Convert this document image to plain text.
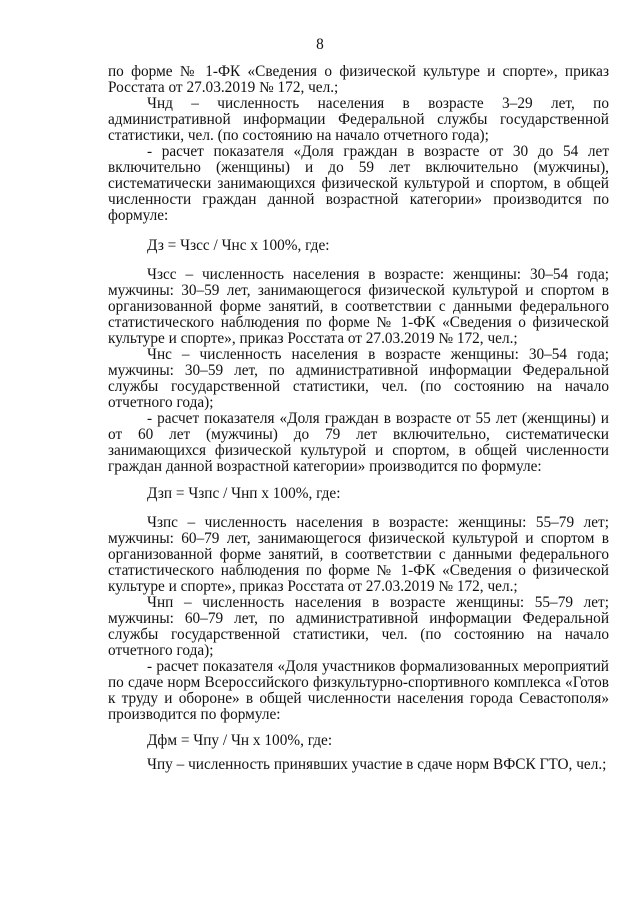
8

по форме № 1-ФК «Сведения о физической культуре и спорте», приказ Росстата от 27.03.2019 № 172, чел.;

Чнд – численность населения в возрасте 3–29 лет, по административной информации Федеральной службы государственной статистики, чел. (по состоянию на начало отчетного года);

- расчет показателя «Доля граждан в возрасте от 30 до 54 лет включительно (женщины) и до 59 лет включительно (мужчины), систематически занимающихся физической культурой и спортом, в общей численности граждан данной возрастной категории» производится по формуле:

Дз = Чзсс / Чнс х 100%, где:

Чзсс – численность населения в возрасте: женщины: 30–54 года; мужчины: 30–59 лет, занимающегося физической культурой и спортом в организованной форме занятий, в соответствии с данными федерального статистического наблюдения по форме № 1-ФК «Сведения о физической культуре и спорте», приказ Росстата от 27.03.2019 № 172, чел.;

Чнс – численность населения в возрасте женщины: 30–54 года; мужчины: 30–59 лет, по административной информации Федеральной службы государственной статистики, чел. (по состоянию на начало отчетного года);

- расчет показателя «Доля граждан в возрасте от 55 лет (женщины) и от 60 лет (мужчины) до 79 лет включительно, систематически занимающихся физической культурой и спортом, в общей численности граждан данной возрастной категории» производится по формуле:

Дзп = Чзпс / Чнп х 100%, где:

Чзпс – численность населения в возрасте: женщины: 55–79 лет; мужчины: 60–79 лет, занимающегося физической культурой и спортом в организованной форме занятий, в соответствии с данными федерального статистического наблюдения по форме № 1-ФК «Сведения о физической культуре и спорте», приказ Росстата от 27.03.2019 № 172, чел.;

Чнп – численность населения в возрасте женщины: 55–79 лет; мужчины: 60–79 лет, по административной информации Федеральной службы государственной статистики, чел. (по состоянию на начало отчетного года);

- расчет показателя «Доля участников формализованных мероприятий по сдаче норм Всероссийского физкультурно-спортивного комплекса «Готов к труду и обороне» в общей численности населения города Севастополя» производится по формуле:

Дфм = Чпу / Чн х 100%, где:

Чпу – численность принявших участие в сдаче норм ВФСК ГТО, чел.;
